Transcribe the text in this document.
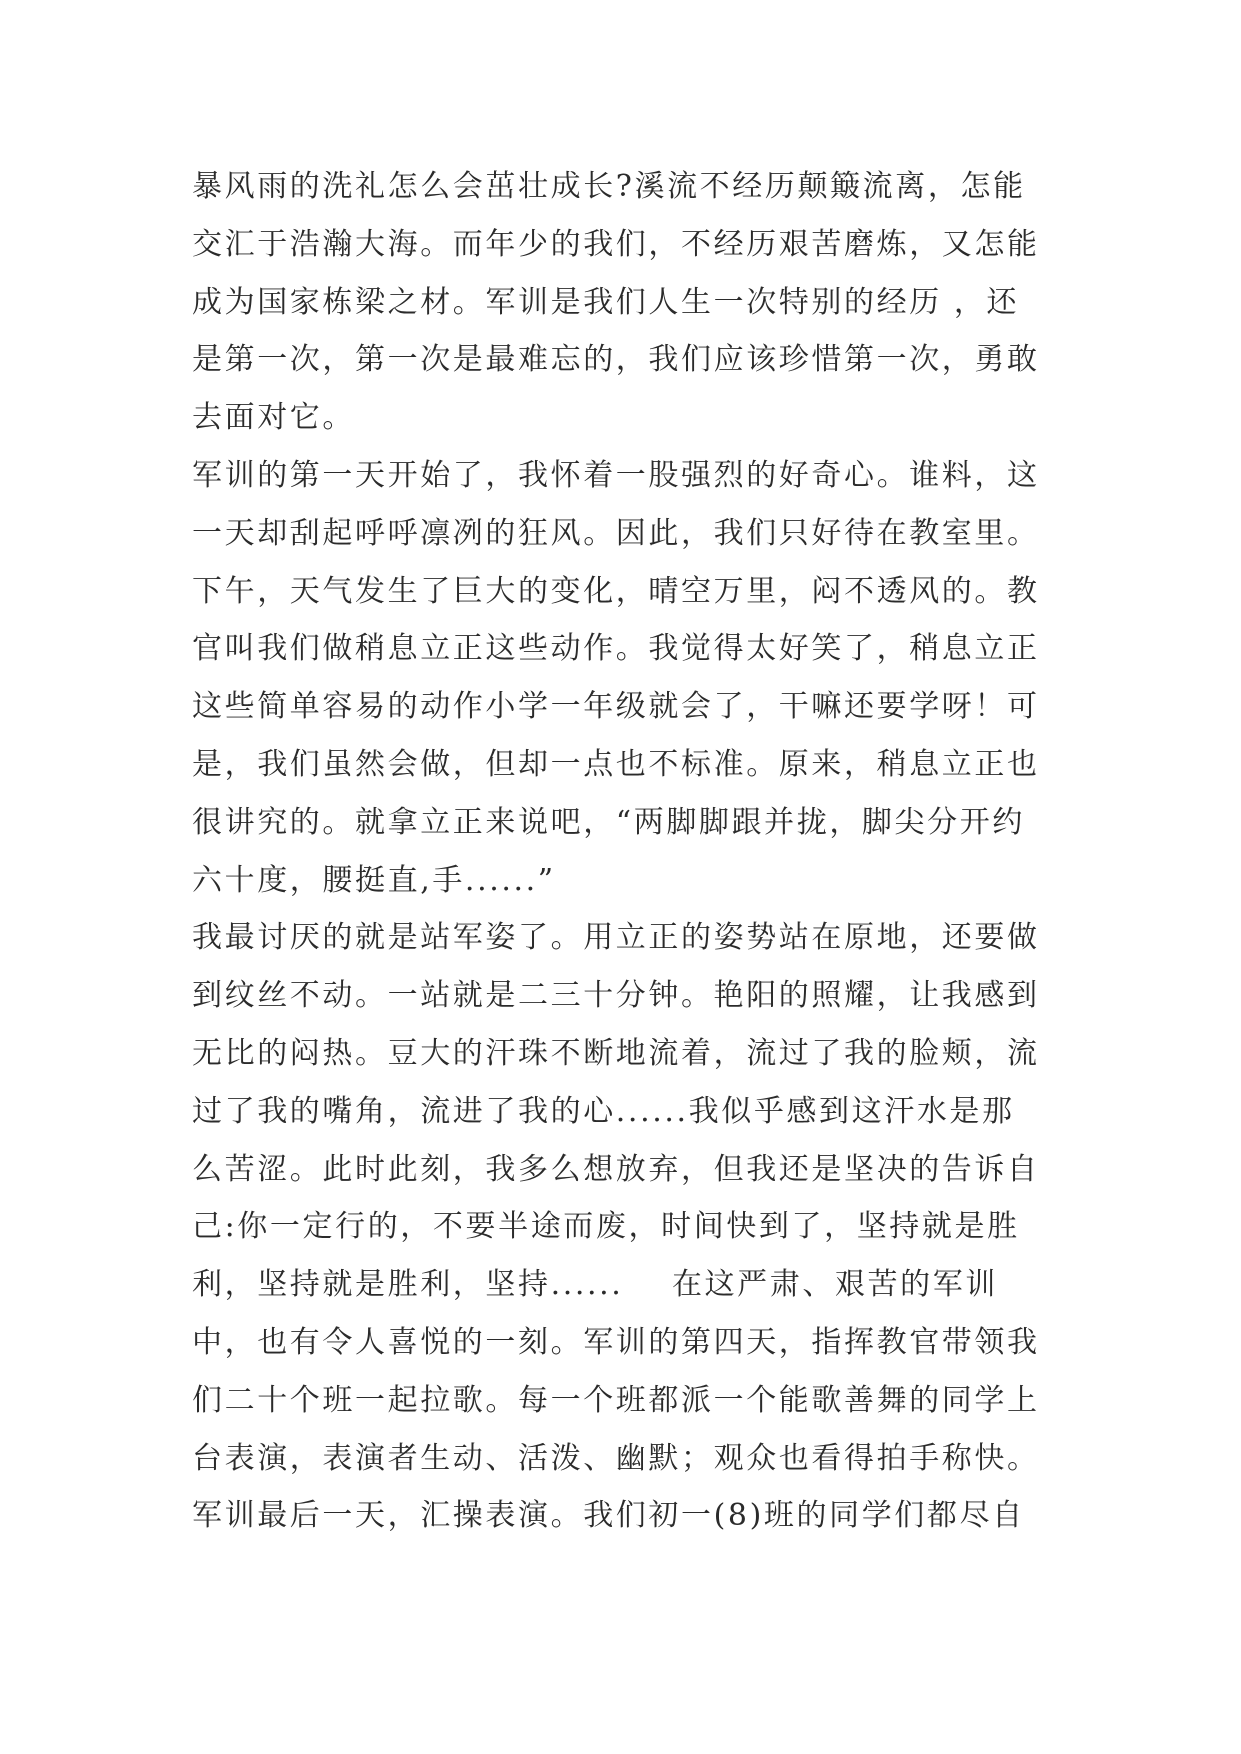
暴风雨的洗礼怎么会茁壮成长?溪流不经历颠簸流离，怎能
交汇于浩瀚大海。而年少的我们，不经历艰苦磨炼，又怎能
成为国家栋梁之材。军训是我们人生一次特别的经历 ，还
是第一次，第一次是最难忘的，我们应该珍惜第一次，勇敢
去面对它。
军训的第一天开始了，我怀着一股强烈的好奇心。谁料，这
一天却刮起呼呼凛冽的狂风。因此，我们只好待在教室里。
下午，天气发生了巨大的变化，晴空万里，闷不透风的。教
官叫我们做稍息立正这些动作。我觉得太好笑了，稍息立正
这些简单容易的动作小学一年级就会了，干嘛还要学呀！可
是，我们虽然会做，但却一点也不标准。原来，稍息立正也
很讲究的。就拿立正来说吧，“两脚脚跟并拢，脚尖分开约
六十度，腰挺直,手......”
我最讨厌的就是站军姿了。用立正的姿势站在原地，还要做
到纹丝不动。一站就是二三十分钟。艳阳的照耀，让我感到
无比的闷热。豆大的汗珠不断地流着，流过了我的脸颊，流
过了我的嘴角，流进了我的心......我似乎感到这汗水是那
么苦涩。此时此刻，我多么想放弃，但我还是坚决的告诉自
己:你一定行的，不要半途而废，时间快到了，坚持就是胜
利，坚持就是胜利，坚持......    在这严肃、艰苦的军训
中，也有令人喜悦的一刻。军训的第四天，指挥教官带领我
们二十个班一起拉歌。每一个班都派一个能歌善舞的同学上
台表演，表演者生动、活泼、幽默；观众也看得拍手称快。
军训最后一天，汇操表演。我们初一(8)班的同学们都尽自
